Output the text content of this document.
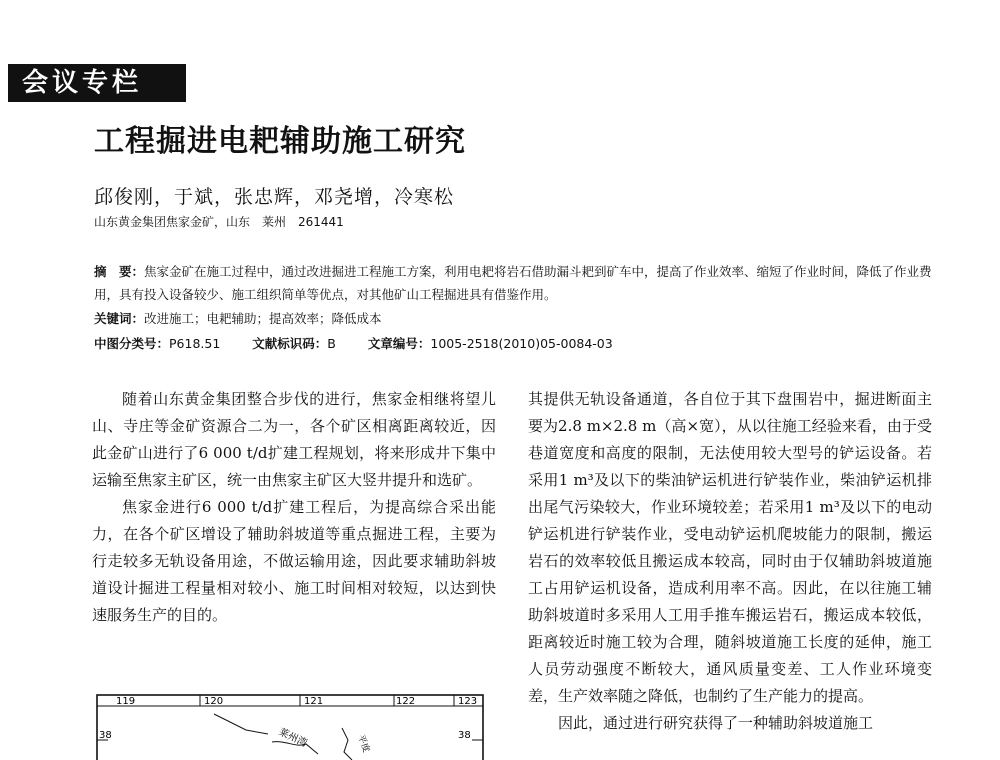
会议专栏
工程掘进电耙辅助施工研究
邱俊刚，于斌，张忠辉，邓尧增，冷寒松
山东黄金集团焦家金矿，山东　莱州　261441
摘　要：焦家金矿在施工过程中，通过改进掘进工程施工方案，利用电耙将岩石借助漏斗耙到矿车中，提高了作业效率、缩短了作业时间，降低了作业费用，具有投入设备较少、施工组织简单等优点，对其他矿山工程掘进具有借鉴作用。
关键词：改进施工；电耙辅助；提高效率；降低成本
中图分类号：P618.51	文献标识码：B	文章编号：1005-2518(2010)05-0084-03

随着山东黄金集团整合步伐的进行，焦家金相继将望儿山、寺庄等金矿资源合二为一，各个矿区相离距离较近，因此金矿山进行了6 000 t/d扩建工程规划，将来形成井下集中运输至焦家主矿区，统一由焦家主矿区大竖井提升和选矿。

焦家金进行6 000 t/d扩建工程后，为提高综合采出能力，在各个矿区增设了辅助斜坡道等重点掘进工程，主要为行走较多无轨设备用途，不做运输用途，因此要求辅助斜坡道设计掘进工程量相对较小、施工时间相对较短，以达到快速服务生产的目的。

其提供无轨设备通道，各自位于其下盘围岩中，掘进断面主要为2.8 m×2.8 m（高×宽），从以往施工经验来看，由于受巷道宽度和高度的限制，无法使用较大型号的铲运设备。若采用1 m³及以下的柴油铲运机进行铲装作业，柴油铲运机排出尾气污染较大，作业环境较差；若采用1 m³及以下的电动铲运机进行铲装作业，受电动铲运机爬坡能力的限制，搬运岩石的效率较低且搬运成本较高，同时由于仅辅助斜坡道施工占用铲运机设备，造成利用率不高。因此，在以往施工辅助斜坡道时多采用人工用手推车搬运岩石，搬运成本较低，距离较近时施工较为合理，随斜坡道施工长度的延伸，施工人员劳动强度不断较大，通风质量变差、工人作业环境变差，生产效率随之降低，也制约了生产能力的提高。

因此，通过进行研究获得了一种辅助斜坡道施工

119	120	121	122	123
38	38
平度
莱州湾
